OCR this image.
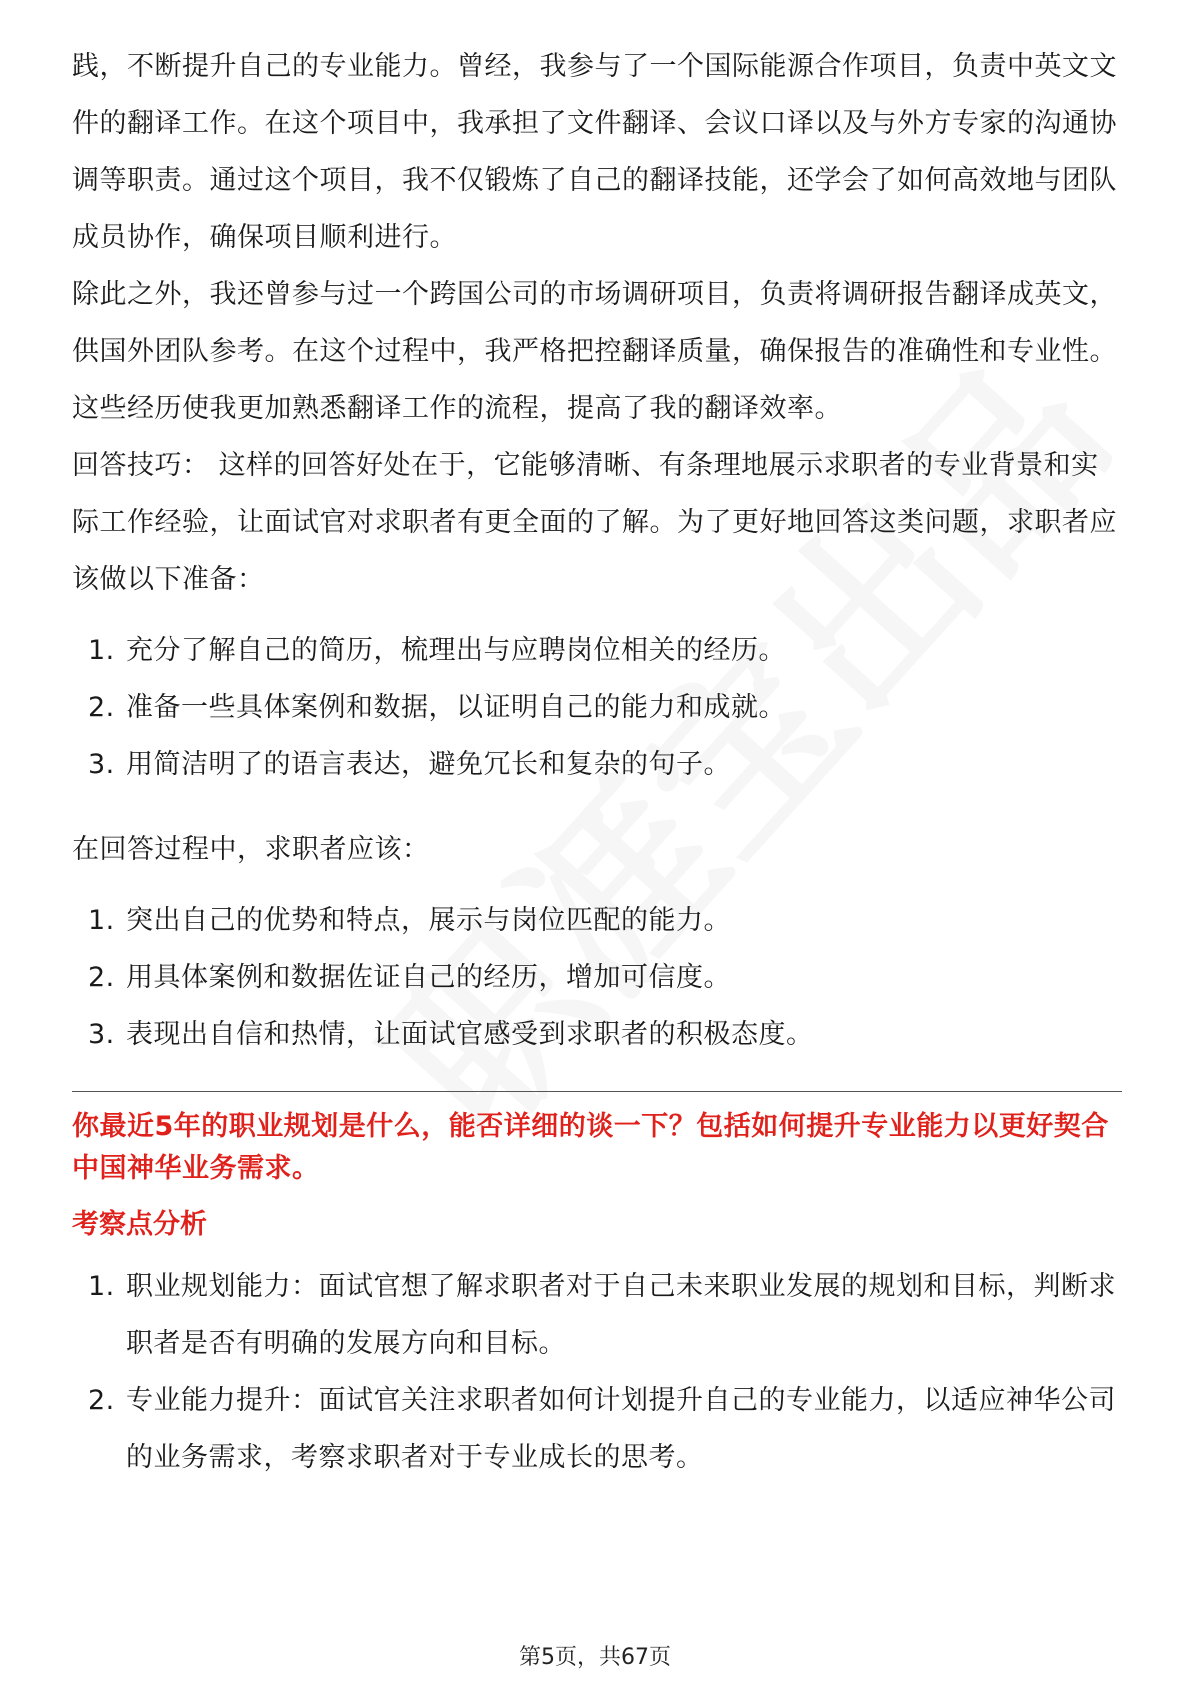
践，不断提升自己的专业能力。曾经，我参与了一个国际能源合作项目，负责中英文文件的翻译工作。在这个项目中，我承担了文件翻译、会议口译以及与外方专家的沟通协调等职责。通过这个项目，我不仅锻炼了自己的翻译技能，还学会了如何高效地与团队成员协作，确保项目顺利进行。

除此之外，我还曾参与过一个跨国公司的市场调研项目，负责将调研报告翻译成英文，供国外团队参考。在这个过程中，我严格把控翻译质量，确保报告的准确性和专业性。这些经历使我更加熟悉翻译工作的流程，提高了我的翻译效率。

回答技巧： 这样的回答好处在于，它能够清晰、有条理地展示求职者的专业背景和实际工作经验，让面试官对求职者有更全面的了解。为了更好地回答这类问题，求职者应该做以下准备：

1. 充分了解自己的简历，梳理出与应聘岗位相关的经历。
2. 准备一些具体案例和数据，以证明自己的能力和成就。
3. 用简洁明了的语言表达，避免冗长和复杂的句子。

在回答过程中，求职者应该：

1. 突出自己的优势和特点，展示与岗位匹配的能力。
2. 用具体案例和数据佐证自己的经历，增加可信度。
3. 表现出自信和热情，让面试官感受到求职者的积极态度。
你最近5年的职业规划是什么，能否详细的谈一下？包括如何提升专业能力以更好契合中国神华业务需求。
考察点分析
1. 职业规划能力：面试官想了解求职者对于自己未来职业发展的规划和目标，判断求职者是否有明确的发展方向和目标。
2. 专业能力提升：面试官关注求职者如何计划提升自己的专业能力，以适应神华公司的业务需求，考察求职者对于专业成长的思考。
第5页，共67页
